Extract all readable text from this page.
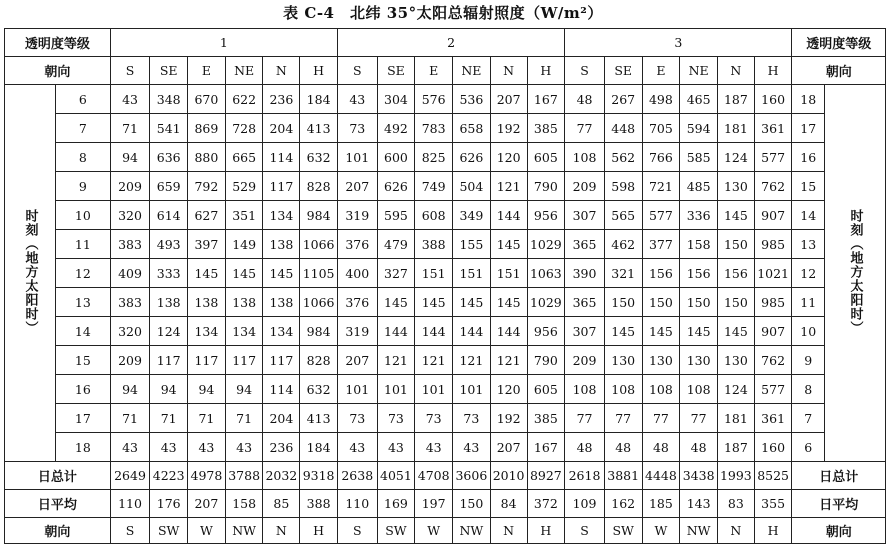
表 C-4　北纬 35°太阳总辐射照度（W/m²）
透明度等级		1						2						3						透明度等级	
朝向		S	SE	E	NE	N	H	S	SE	E	NE	N	H	S	SE	E	NE	N	H	朝向	
时刻（地方太阳时）	6	43	348	670	622	236	184	43	304	576	536	207	167	48	267	498	465	187	160	18	时刻（地方太阳时）
	7	71	541	869	728	204	413	73	492	783	658	192	385	77	448	705	594	181	361	17	
	8	94	636	880	665	114	632	101	600	825	626	120	605	108	562	766	585	124	577	16	
	9	209	659	792	529	117	828	207	626	749	504	121	790	209	598	721	485	130	762	15	
	10	320	614	627	351	134	984	319	595	608	349	144	956	307	565	577	336	145	907	14	
	11	383	493	397	149	138	1066	376	479	388	155	145	1029	365	462	377	158	150	985	13	
	12	409	333	145	145	145	1105	400	327	151	151	151	1063	390	321	156	156	156	1021	12	
	13	383	138	138	138	138	1066	376	145	145	145	145	1029	365	150	150	150	150	985	11	
	14	320	124	134	134	134	984	319	144	144	144	144	956	307	145	145	145	145	907	10	
	15	209	117	117	117	117	828	207	121	121	121	121	790	209	130	130	130	130	762	9	
	16	94	94	94	94	114	632	101	101	101	101	120	605	108	108	108	108	124	577	8	
	17	71	71	71	71	204	413	73	73	73	73	192	385	77	77	77	77	181	361	7	
	18	43	43	43	43	236	184	43	43	43	43	207	167	48	48	48	48	187	160	6	
日总计		2649	4223	4978	3788	2032	9318	2638	4051	4708	3606	2010	8927	2618	3881	4448	3438	1993	8525	日总计	
日平均		110	176	207	158	85	388	110	169	197	150	84	372	109	162	185	143	83	355	日平均	
朝向		S	SW	W	NW	N	H	S	SW	W	NW	N	H	S	SW	W	NW	N	H	朝向	
